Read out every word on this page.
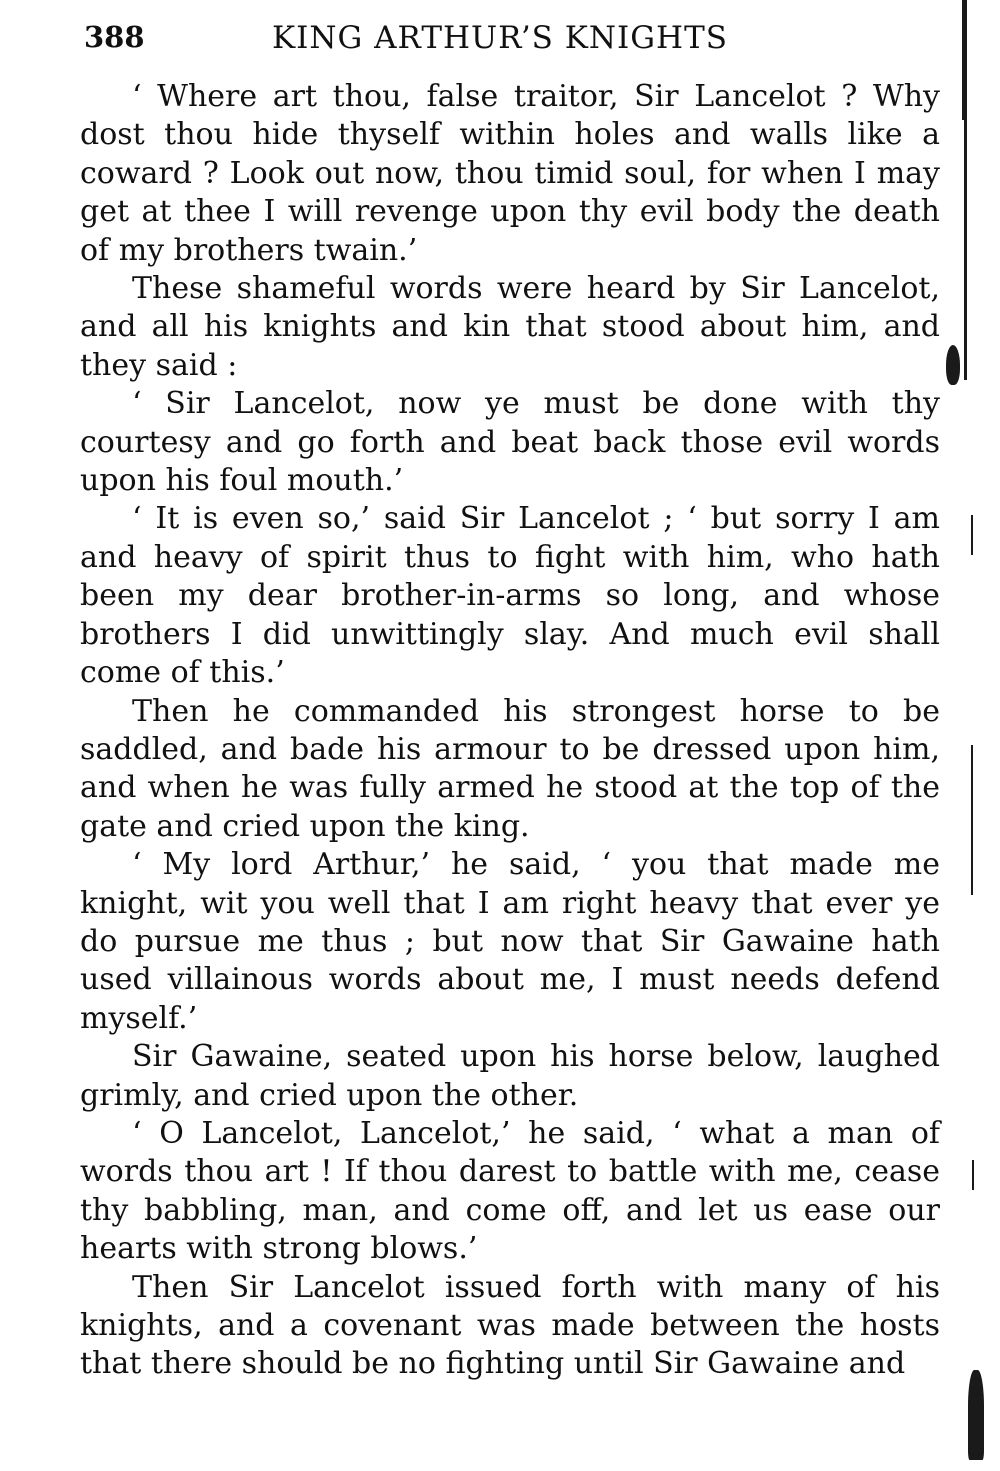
388	KING ARTHUR’S KNIGHTS

‘ Where art thou, false traitor, Sir Lancelot ? Why dost thou hide thyself within holes and walls like a coward ? Look out now, thou timid soul, for when I may get at thee I will revenge upon thy evil body the death of my brothers twain.’

These shameful words were heard by Sir Lancelot, and all his knights and kin that stood about him, and they said :

‘ Sir Lancelot, now ye must be done with thy courtesy and go forth and beat back those evil words upon his foul mouth.’

‘ It is even so,’ said Sir Lancelot ; ‘ but sorry I am and heavy of spirit thus to fight with him, who hath been my dear brother-in-arms so long, and whose brothers I did unwittingly slay. And much evil shall come of this.’

Then he commanded his strongest horse to be saddled, and bade his armour to be dressed upon him, and when he was fully armed he stood at the top of the gate and cried upon the king.

‘ My lord Arthur,’ he said, ‘ you that made me knight, wit you well that I am right heavy that ever ye do pursue me thus ; but now that Sir Gawaine hath used villainous words about me, I must needs defend myself.’

Sir Gawaine, seated upon his horse below, laughed grimly, and cried upon the other.

‘ O Lancelot, Lancelot,’ he said, ‘ what a man of words thou art ! If thou darest to battle with me, cease thy babbling, man, and come off, and let us ease our hearts with strong blows.’

Then Sir Lancelot issued forth with many of his knights, and a covenant was made between the hosts that there should be no fighting until Sir Gawaine and
